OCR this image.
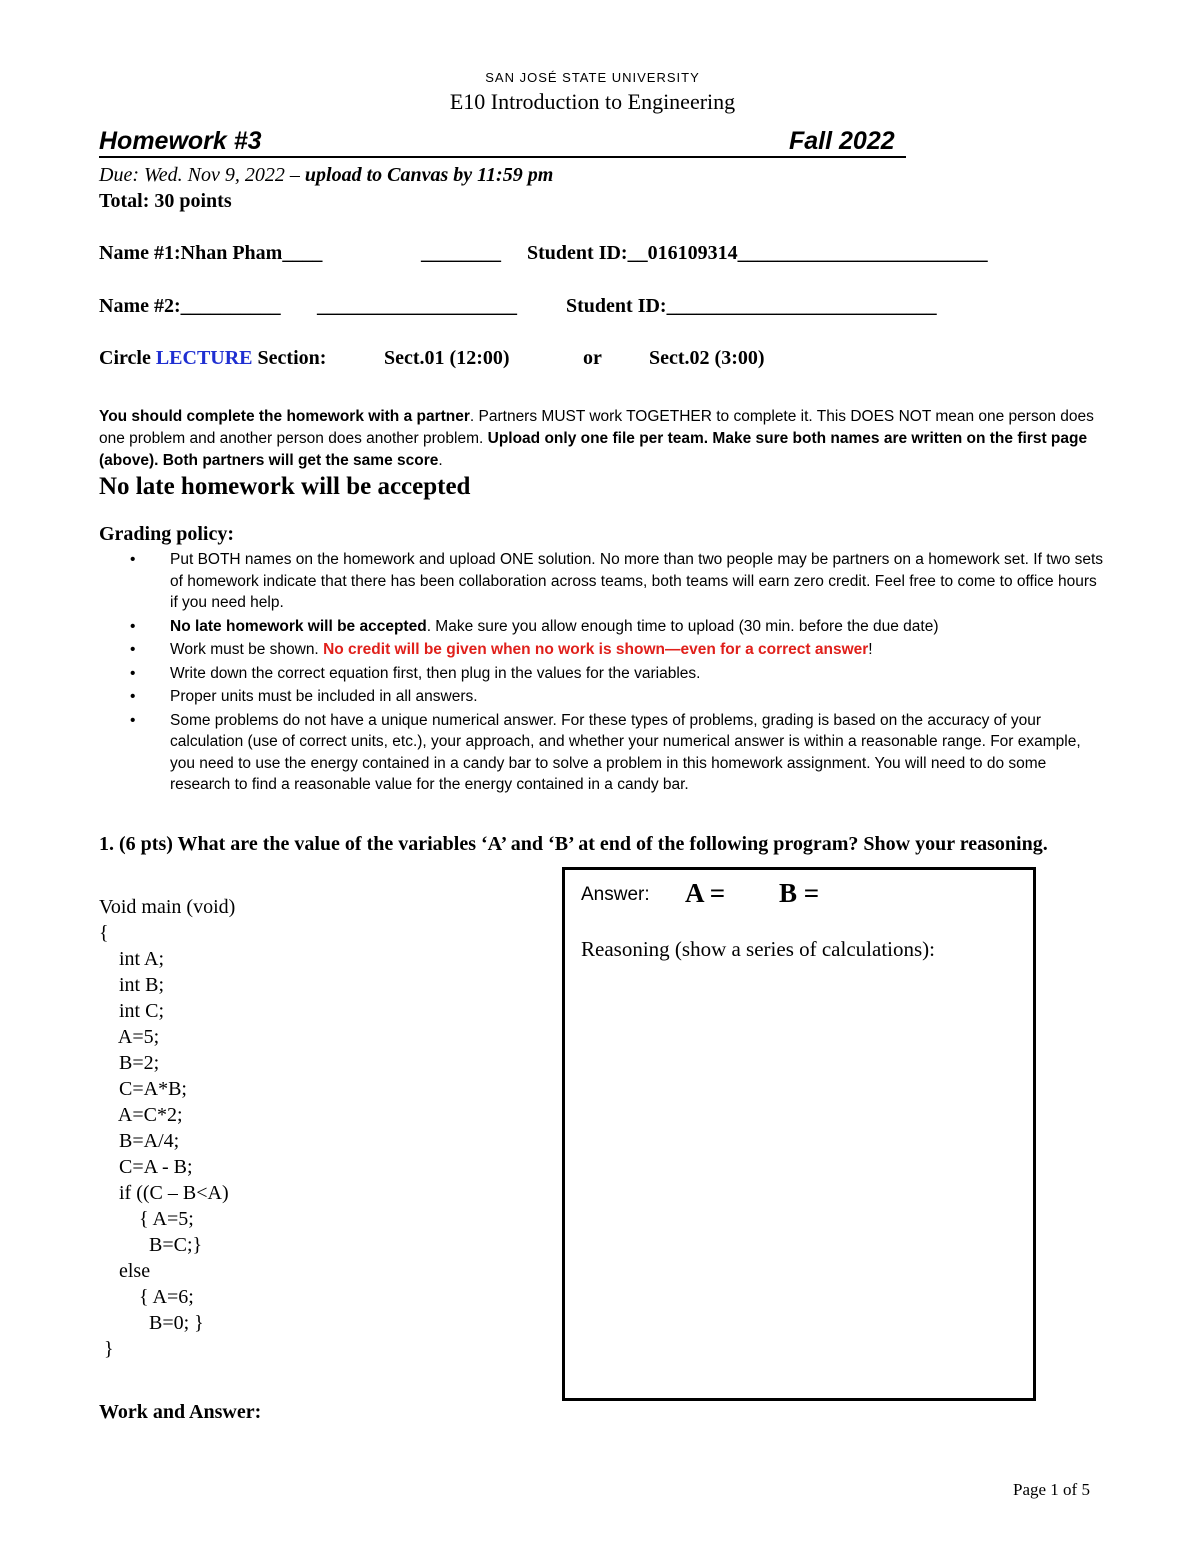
SAN JOSÉ STATE UNIVERSITY
E10 Introduction to Engineering
Homework #3	Fall 2022
Due: Wed. Nov 9, 2022 – upload to Canvas by 11:59 pm
Total: 30 points
Name #1:Nhan Pham____	________ Student ID:__016109314_________________________
Name #2:__________ ____________________ Student ID:___________________________
Circle LECTURE Section:	Sect.01 (12:00)	or Sect.02 (3:00)
You should complete the homework with a partner. Partners MUST work TOGETHER to complete it. This DOES NOT mean one person does one problem and another person does another problem. Upload only one file per team. Make sure both names are written on the first page (above). Both partners will get the same score.
No late homework will be accepted
Grading policy:
• Put BOTH names on the homework and upload ONE solution. No more than two people may be partners on a homework set. If two sets of homework indicate that there has been collaboration across teams, both teams will earn zero credit. Feel free to come to office hours if you need help.
• No late homework will be accepted. Make sure you allow enough time to upload (30 min. before the due date)
• Work must be shown. No credit will be given when no work is shown—even for a correct answer!
• Write down the correct equation first, then plug in the values for the variables.
• Proper units must be included in all answers.
• Some problems do not have a unique numerical answer. For these types of problems, grading is based on the accuracy of your calculation (use of correct units, etc.), your approach, and whether your numerical answer is within a reasonable range. For example, you need to use the energy contained in a candy bar to solve a problem in this homework assignment. You will need to do some research to find a reasonable value for the energy contained in a candy bar.
1. (6 pts) What are the value of the variables ‘A’ and ‘B’ at end of the following program? Show your reasoning.
Void main (void)
{
int A;
int B;
int C;
A=5;
B=2;
C=A*B;
A=C*2;
B=A/4;
C=A - B;
if ((C – B<A)
{ A=5;
B=C;}
else
{ A=6;
B=0; }
}
Answer: A = B =
Reasoning (show a series of calculations):
Work and Answer:
Page 1 of 5
